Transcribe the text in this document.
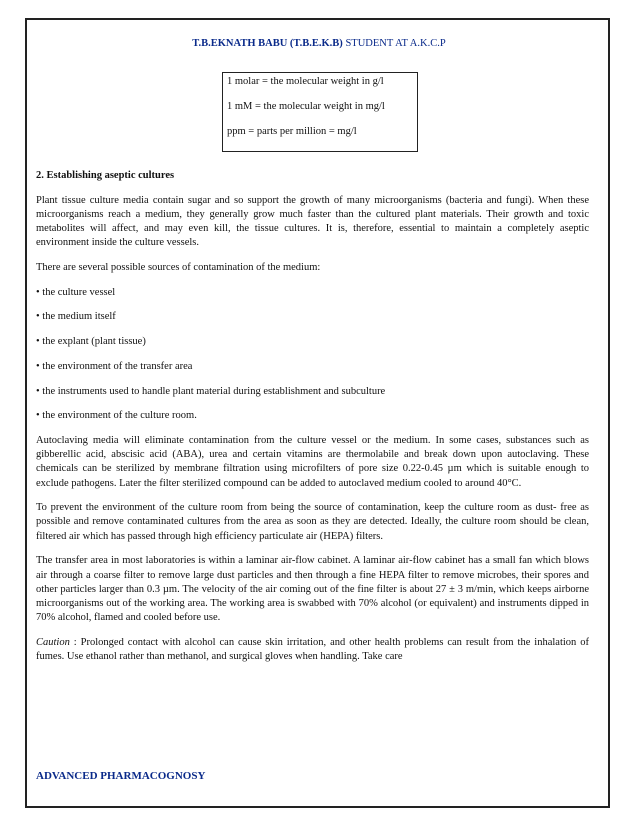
T.B.EKNATH BABU (T.B.E.K.B) STUDENT AT A.K.C.P
1 molar = the molecular weight in g/l
1 mM = the molecular weight in mg/l
ppm = parts per million = mg/l

2. Establishing aseptic cultures

Plant tissue culture media contain sugar and so support the growth of many microorganisms (bacteria and fungi). When these microorganisms reach a medium, they generally grow much faster than the cultured plant materials. Their growth and toxic metabolites will affect, and may even kill, the tissue cultures. It is, therefore, essential to maintain a completely aseptic environment inside the culture vessels.

There are several possible sources of contamination of the medium:

• the culture vessel

• the medium itself

• the explant (plant tissue)

• the environment of the transfer area

• the instruments used to handle plant material during establishment and subculture

• the environment of the culture room.

Autoclaving media will eliminate contamination from the culture vessel or the medium. In some cases, substances such as gibberellic acid, abscisic acid (ABA), urea and certain vitamins are thermolabile and break down upon autoclaving. These chemicals can be sterilized by membrane filtration using microfilters of pore size 0.22-0.45 µm which is suitable enough to exclude pathogens. Later the filter sterilized compound can be added to autoclaved medium cooled to around 40°C.

To prevent the environment of the culture room from being the source of contamination, keep the culture room as dust- free as possible and remove contaminated cultures from the area as soon as they are detected. Ideally, the culture room should be clean, filtered air which has passed through high efficiency particulate air (HEPA) filters.

The transfer area in most laboratories is within a laminar air-flow cabinet. A laminar air-flow cabinet has a small fan which blows air through a coarse filter to remove large dust particles and then through a fine HEPA filter to remove microbes, their spores and other particles larger than 0.3 µm. The velocity of the air coming out of the fine filter is about 27 ± 3 m/min, which keeps airborne microorganisms out of the working area. The working area is swabbed with 70% alcohol (or equivalent) and instruments dipped in 70% alcohol, flamed and cooled before use.

Caution : Prolonged contact with alcohol can cause skin irritation, and other health problems can result from the inhalation of fumes. Use ethanol rather than methanol, and surgical gloves when handling. Take care

ADVANCED PHARMACOGNOSY
